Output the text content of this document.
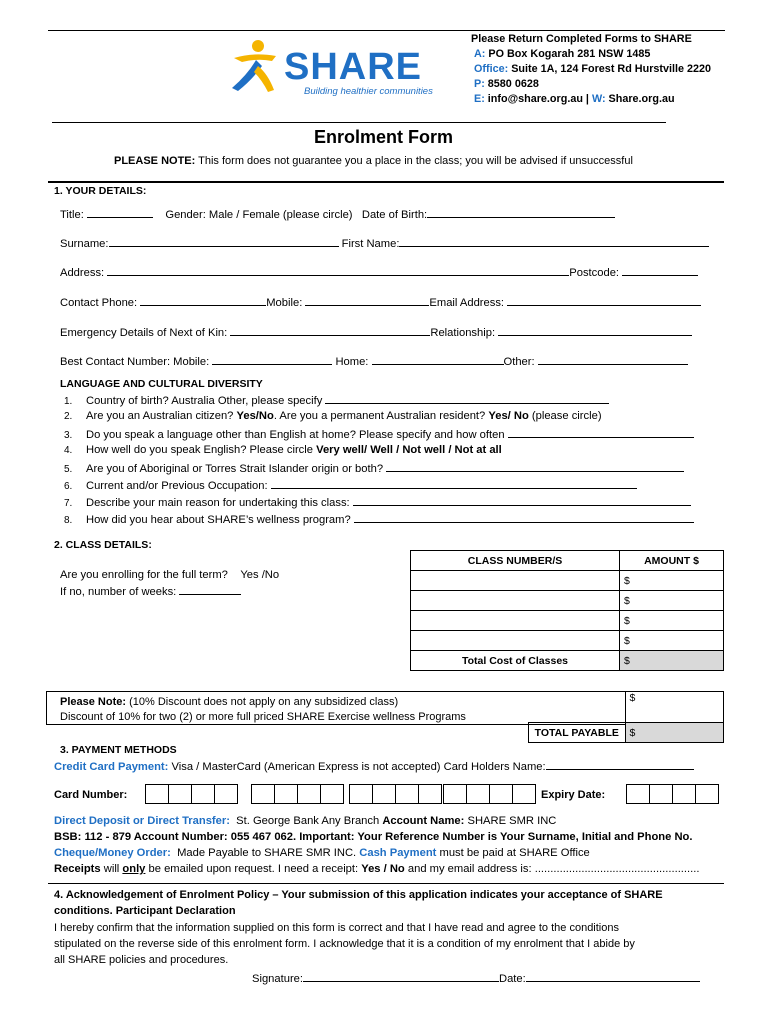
SHARE
Building healthier communities
Please Return Completed Forms to SHARE
A: PO Box Kogarah 281 NSW 1485
Office: Suite 1A, 124 Forest Rd Hurstville 2220
P: 8580 0628
E: info@share.org.au | W: Share.org.au
Enrolment Form
PLEASE NOTE: This form does not guarantee you a place in the class; you will be advised if unsuccessful
1. YOUR DETAILS:
Title:	Gender: Male / Female (please circle) Date of Birth:
Surname:	First Name:
Address:	Postcode:
Contact Phone:	Mobile:	Email Address:
Emergency Details of Next of Kin:	Relationship:
Best Contact Number: Mobile:	Home:	Other:
LANGUAGE AND CULTURAL DIVERSITY
1. Country of birth? Australia Other, please specify
2. Are you an Australian citizen? Yes/No. Are you a permanent Australian resident? Yes/ No (please circle)
3. Do you speak a language other than English at home? Please specify and how often
4. How well do you speak English? Please circle Very well/ Well / Not well / Not at all
5. Are you of Aboriginal or Torres Strait Islander origin or both?
6. Current and/or Previous Occupation:
7. Describe your main reason for undertaking this class:
8. How did you hear about SHARE’s wellness program?
2. CLASS DETAILS:
Are you enrolling for the full term? Yes /No
If no, number of weeks:
CLASS NUMBER/S	AMOUNT $
	$
	$
	$
	$
Total Cost of Classes	$
Please Note: (10% Discount does not apply on any subsidized class)
Discount of 10% for two (2) or more full priced SHARE Exercise wellness Programs
	$
TOTAL PAYABLE	$
3. PAYMENT METHODS
Credit Card Payment: Visa / MasterCard (American Express is not accepted) Card Holders Name:
Card Number:	Expiry Date:
Direct Deposit or Direct Transfer: St. George Bank Any Branch Account Name: SHARE SMR INC
BSB: 112 - 879 Account Number: 055 467 062. Important: Your Reference Number is Your Surname, Initial and Phone No.
Cheque/Money Order: Made Payable to SHARE SMR INC. Cash Payment must be paid at SHARE Office
Receipts will only be emailed upon request. I need a receipt: Yes / No and my email address is: .....................................................
4. Acknowledgement of Enrolment Policy – Your submission of this application indicates your acceptance of SHARE
conditions. Participant Declaration
I hereby confirm that the information supplied on this form is correct and that I have read and agree to the conditions
stipulated on the reverse side of this enrolment form. I acknowledge that it is a condition of my enrolment that I abide by
all SHARE policies and procedures.
Signature:	Date:
